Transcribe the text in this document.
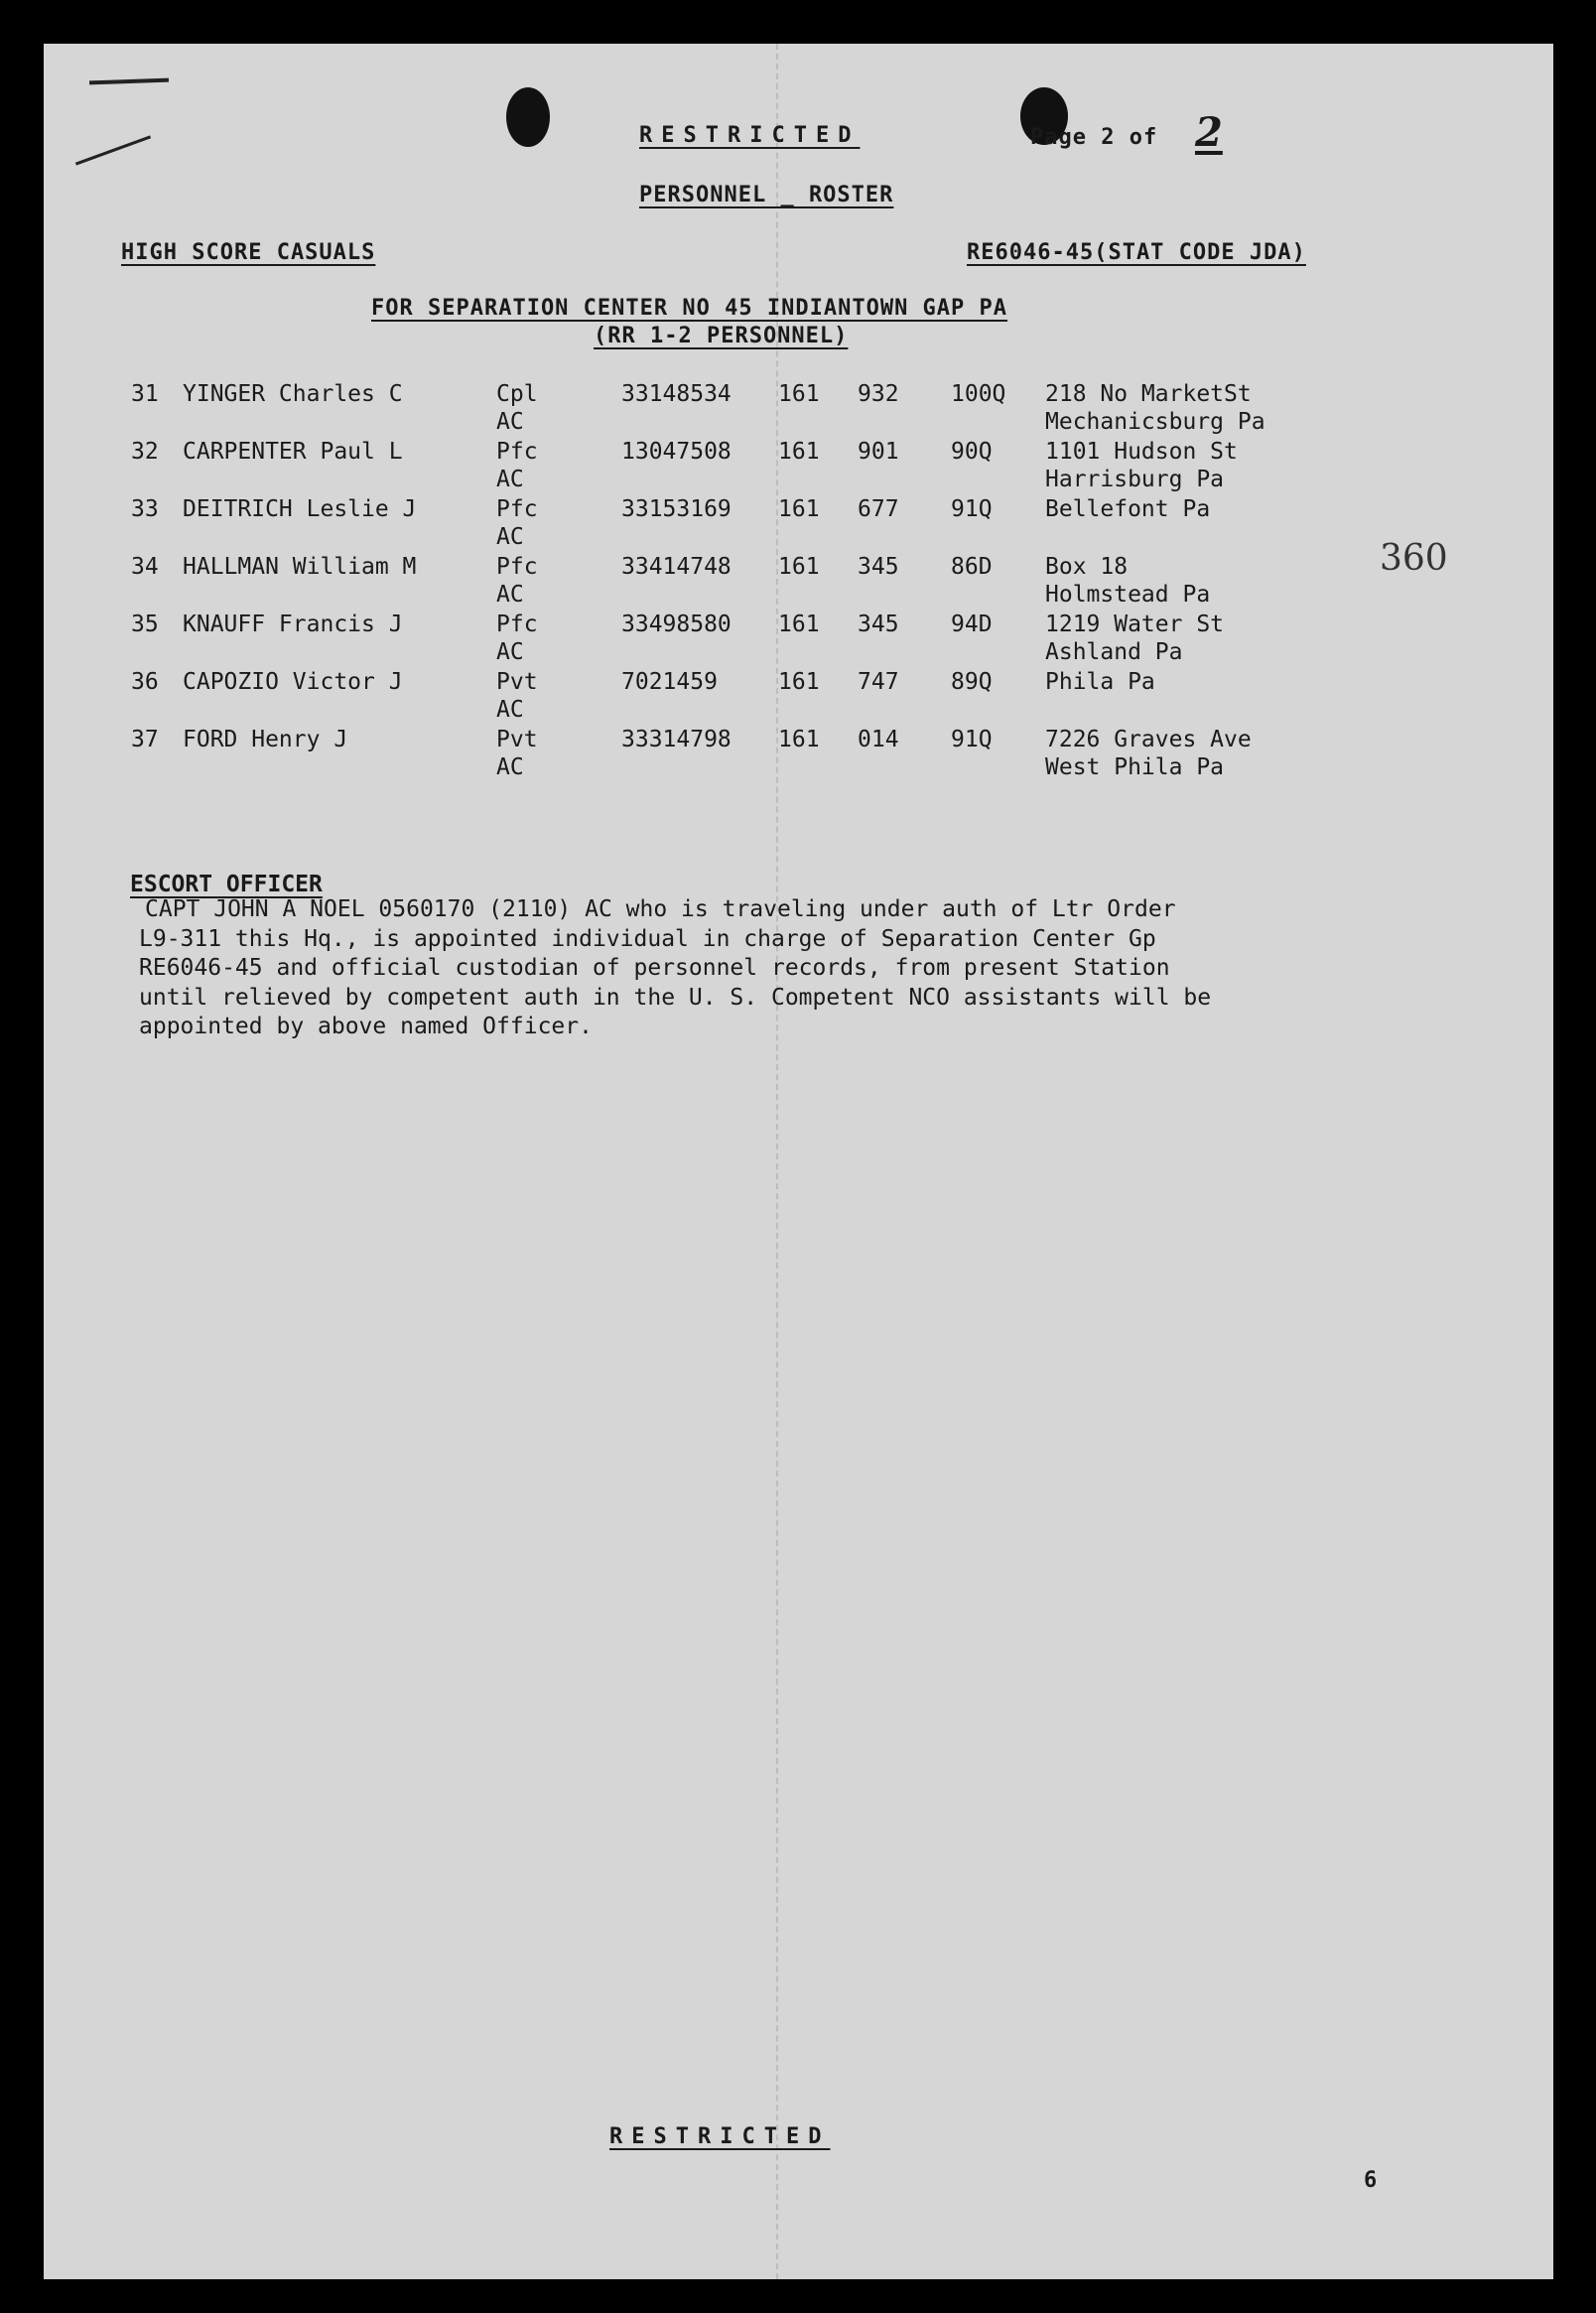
RESTRICTED	Page 2 of 2
PERSONNEL _ ROSTER
HIGH SCORE CASUALS	RE6046-45(STAT CODE JDA)
FOR SEPARATION CENTER NO 45 INDIANTOWN GAP PA
(RR 1-2 PERSONNEL)
31 YINGER Charles C	Cpl	33148534 161 932 100Q 218 No MarketSt
AC	Mechanicsburg Pa
32 CARPENTER Paul L	Pfc	13047508 161 901 90Q 1101 Hudson St
AC	Harrisburg Pa
33 DEITRICH Leslie J	Pfc	33153169 161 677 91Q Bellefont Pa
AC
34 HALLMAN William M	Pfc	33414748 161 345 86D Box 18
AC	Holmstead Pa
35 KNAUFF Francis J	Pfc	33498580 161 345 94D 1219 Water St
AC	Ashland Pa
36 CAPOZIO Victor J	Pvt	7021459	161 747 89Q Phila Pa
AC
37 FORD Henry J	Pvt	33314798 161 014 91Q 7226 Graves Ave
AC	West Phila Pa
360
ESCORT OFFICER
CAPT JOHN A NOEL 0560170 (2110) AC who is traveling under auth of Ltr Order
L9-311 this Hq., is appointed individual in charge of Separation Center Gp
RE6046-45 and official custodian of personnel records, from present Station
until relieved by competent auth in the U. S. Competent NCO assistants will be
appointed by above named Officer.
RESTRICTED
6
